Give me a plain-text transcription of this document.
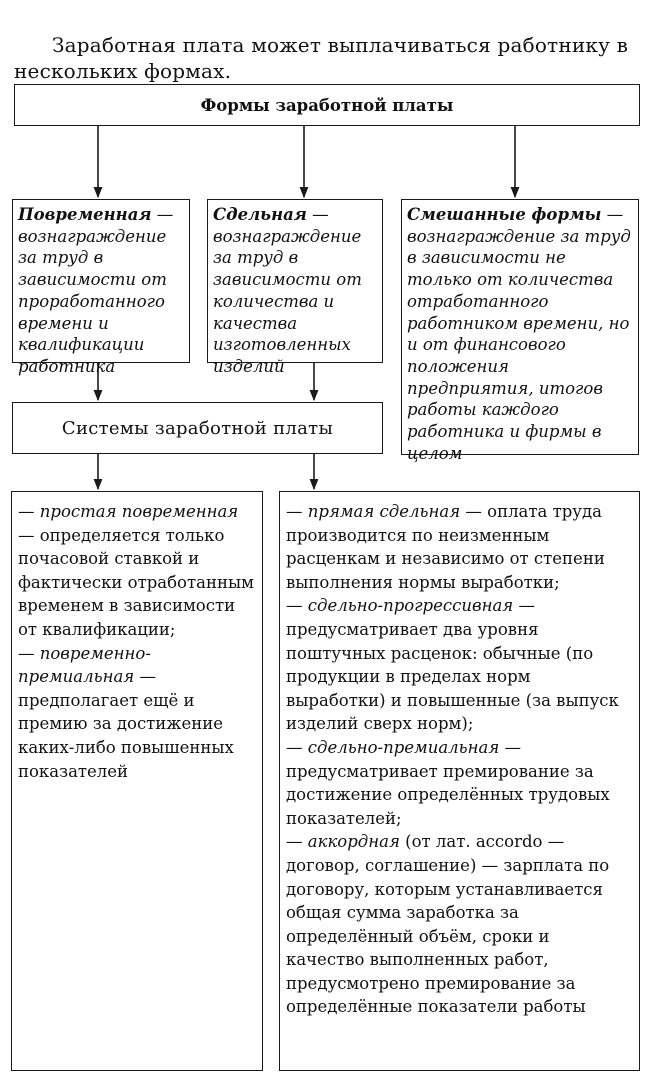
Заработная плата может выплачиваться работнику в нескольких формах.

Формы заработной платы
Повременная — вознаграждение за труд в зависимости от проработанного времени и квалификации работника
Сдельная — вознаграждение за труд в зависимости от количества и качества изготовленных изделий
Смешанные формы — вознаграждение за труд в зависимости не только от количества отработанного работником времени, но и от финансового положения предприятия, итогов работы каждого работника и фирмы в целом
Системы заработной платы

— простая повременная — определяется только почасовой ставкой и фактически отработанным временем в зависимости от квалификации;

— повременно-премиальная — предполагает ещё и премию за достижение каких-либо повышенных показателей

— прямая сдельная — оплата труда производится по неизменным расценкам и независимо от степени выполнения нормы выработки;

— сдельно-прогрессивная — предусматривает два уровня поштучных расценок: обычные (по продукции в пределах норм выработки) и повышенные (за выпуск изделий сверх норм);

— сдельно-премиальная — предусматривает премирование за достижение определённых трудовых показателей;

— аккордная (от лат. accordo — договор, соглашение) — зарплата по договору, которым устанавливается общая сумма заработка за определённый объём, сроки и качество выполненных работ, предусмотрено премирование за определённые показатели работы
